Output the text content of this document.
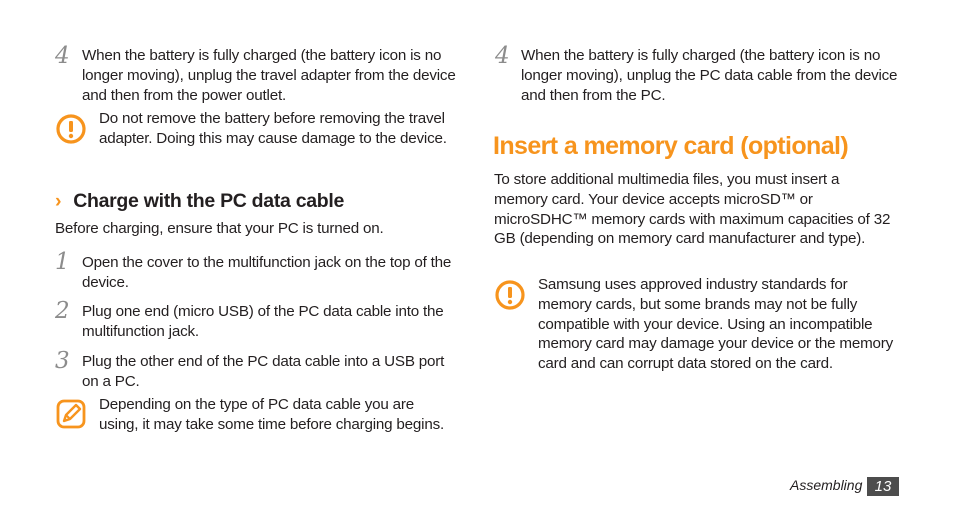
4 When the battery is fully charged (the battery icon is no longer moving), unplug the travel adapter from the device and then from the power outlet.
Do not remove the battery before removing the travel adapter. Doing this may cause damage to the device.
› Charge with the PC data cable
Before charging, ensure that your PC is turned on.
1 Open the cover to the multifunction jack on the top of the device.
2 Plug one end (micro USB) of the PC data cable into the multifunction jack.
3 Plug the other end of the PC data cable into a USB port on a PC.
Depending on the type of PC data cable you are using, it may take some time before charging begins.
4 When the battery is fully charged (the battery icon is no longer moving), unplug the PC data cable from the device and then from the PC.
Insert a memory card (optional)
To store additional multimedia files, you must insert a memory card. Your device accepts microSD™ or microSDHC™ memory cards with maximum capacities of 32 GB (depending on memory card manufacturer and type).
Samsung uses approved industry standards for memory cards, but some brands may not be fully compatible with your device. Using an incompatible memory card may damage your device or the memory card and can corrupt data stored on the card.
Assembling 13
